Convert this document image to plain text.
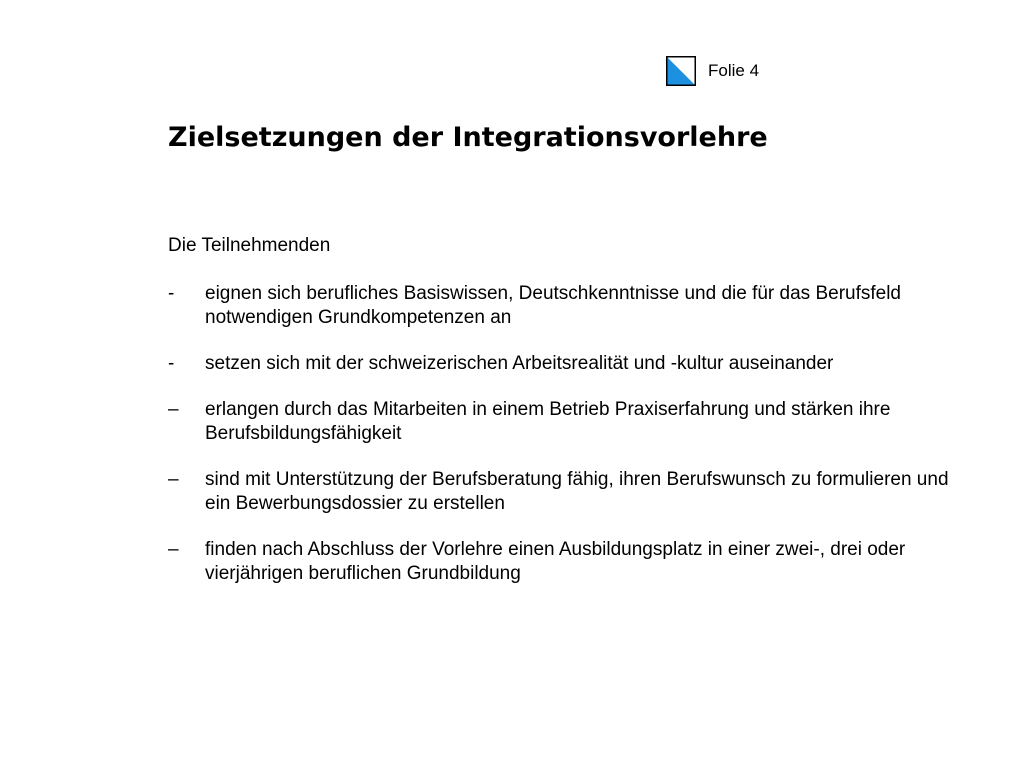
Folie 4
Zielsetzungen der Integrationsvorlehre

Die Teilnehmenden

-	eignen sich berufliches Basiswissen, Deutschkenntnisse und die für das Berufsfeld notwendigen Grundkompetenzen an
-	setzen sich mit der schweizerischen Arbeitsrealität und -kultur auseinander
–	erlangen durch das Mitarbeiten in einem Betrieb Praxiserfahrung und stärken ihre Berufsbildungsfähigkeit
–	sind mit Unterstützung der Berufsberatung fähig, ihren Berufswunsch zu formulieren und ein Bewerbungsdossier zu erstellen
–	finden nach Abschluss der Vorlehre einen Ausbildungsplatz in einer zwei-, drei oder vierjährigen beruflichen Grundbildung
